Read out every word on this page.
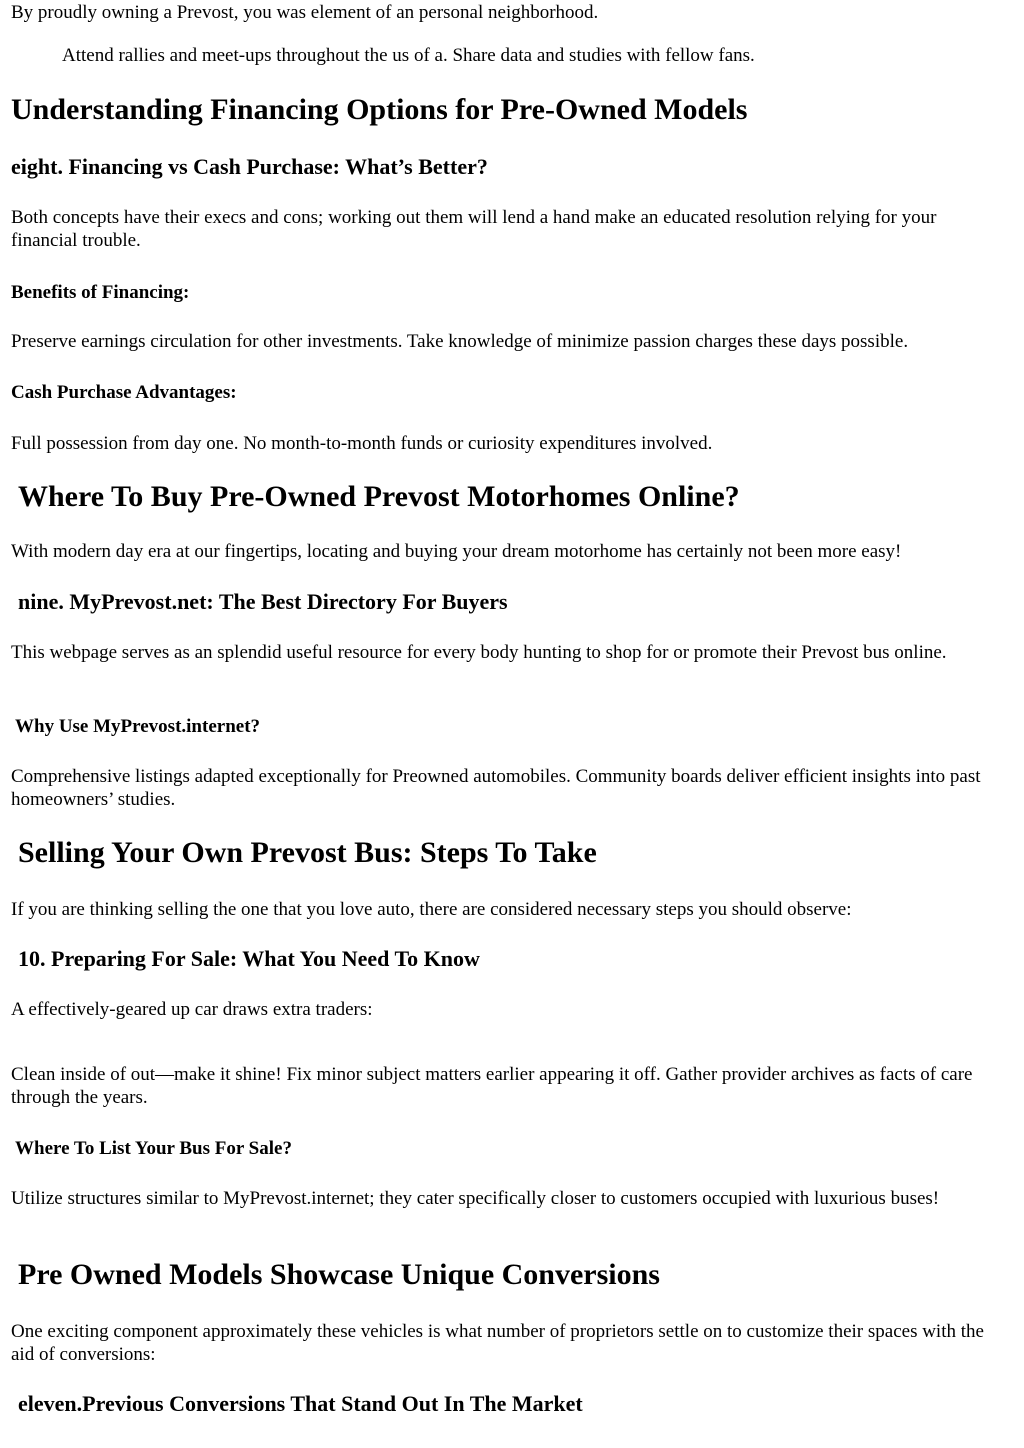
By proudly owning a Prevost, you was element of an personal neighborhood.

Attend rallies and meet-ups throughout the us of a. Share data and studies with fellow fans.

Understanding Financing Options for Pre-Owned Models
eight. Financing vs Cash Purchase: What’s Better?

Both concepts have their execs and cons; working out them will lend a hand make an educated resolution relying for your financial trouble.

Benefits of Financing:

Preserve earnings circulation for other investments. Take knowledge of minimize passion charges these days possible.

Cash Purchase Advantages:

Full possession from day one. No month-to-month funds or curiosity expenditures involved.

Where To Buy Pre-Owned Prevost Motorhomes Online?

With modern day era at our fingertips, locating and buying your dream motorhome has certainly not been more easy!

nine. MyPrevost.net: The Best Directory For Buyers

This webpage serves as an splendid useful resource for every body hunting to shop for or promote their Prevost bus online.

Why Use MyPrevost.internet?

Comprehensive listings adapted exceptionally for Preowned automobiles. Community boards deliver efficient insights into past homeowners’ studies.

Selling Your Own Prevost Bus: Steps To Take

If you are thinking selling the one that you love auto, there are considered necessary steps you should observe:

10. Preparing For Sale: What You Need To Know

A effectively-geared up car draws extra traders:

Clean inside of out—make it shine! Fix minor subject matters earlier appearing it off. Gather provider archives as facts of care through the years.

Where To List Your Bus For Sale?

Utilize structures similar to MyPrevost.internet; they cater specifically closer to customers occupied with luxurious buses!

Pre Owned Models Showcase Unique Conversions

One exciting component approximately these vehicles is what number of proprietors settle on to customize their spaces with the aid of conversions:

eleven.Previous Conversions That Stand Out In The Market
